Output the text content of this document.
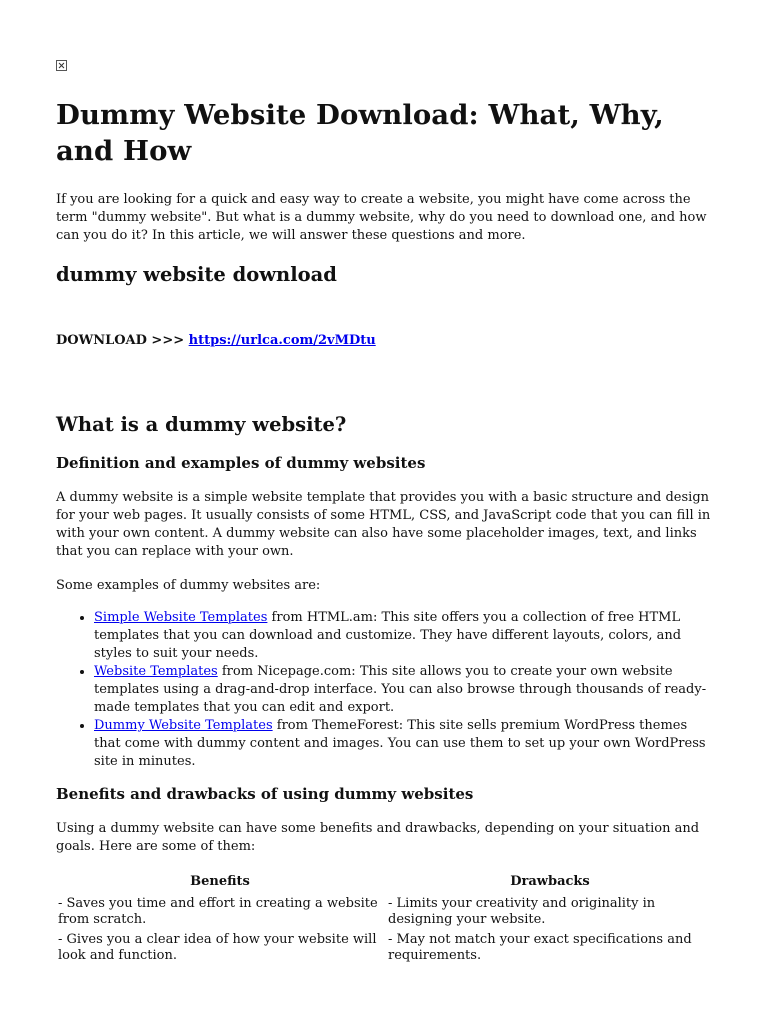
Dummy Website Download: What, Why, and How

If you are looking for a quick and easy way to create a website, you might have come across the term "dummy website". But what is a dummy website, why do you need to download one, and how can you do it? In this article, we will answer these questions and more.

dummy website download
DOWNLOAD >>> https://urlca.com/2vMDtu
What is a dummy website?
Definition and examples of dummy websites

A dummy website is a simple website template that provides you with a basic structure and design for your web pages. It usually consists of some HTML, CSS, and JavaScript code that you can fill in with your own content. A dummy website can also have some placeholder images, text, and links that you can replace with your own.

Some examples of dummy websites are:

• Simple Website Templates from HTML.am: This site offers you a collection of free HTML templates that you can download and customize. They have different layouts, colors, and styles to suit your needs.
• Website Templates from Nicepage.com: This site allows you to create your own website templates using a drag-and-drop interface. You can also browse through thousands of ready-made templates that you can edit and export.
• Dummy Website Templates from ThemeForest: This site sells premium WordPress themes that come with dummy content and images. You can use them to set up your own WordPress site in minutes.
Benefits and drawbacks of using dummy websites

Using a dummy website can have some benefits and drawbacks, depending on your situation and goals. Here are some of them:

Benefits	Drawbacks
- Saves you time and effort in creating a website from scratch.	- Limits your creativity and originality in designing your website.
- Gives you a clear idea of how your website will look and function.	- May not match your exact specifications and requirements.
